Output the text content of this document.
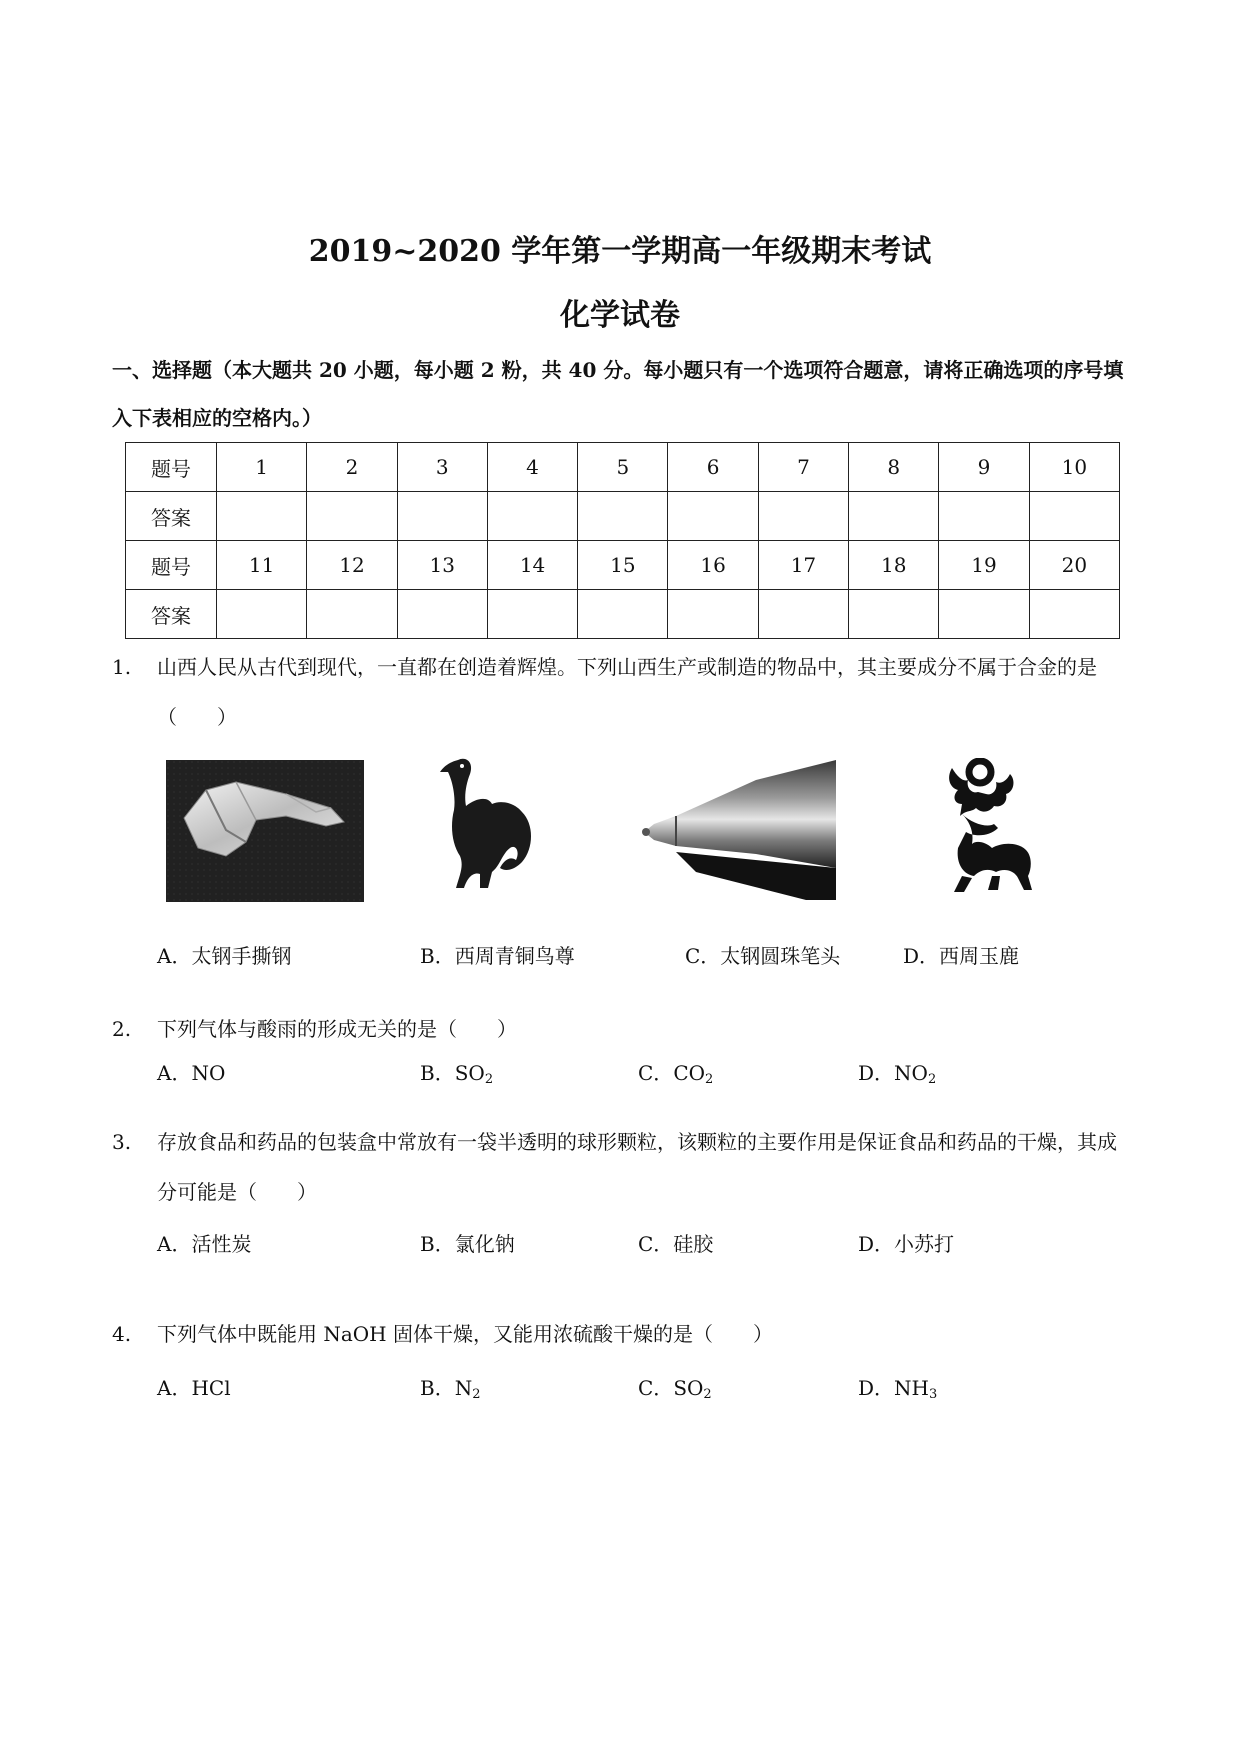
2019~2020 学年第一学期高一年级期末考试
化学试卷
一、选择题（本大题共 20 小题，每小题 2 粉，共 40 分。每小题只有一个选项符合题意，请将正确选项的序号填入下表相应的空格内。）
题号	1	2	3	4	5	6	7	8	9	10
答案										
题号	11	12	13	14	15	16	17	18	19	20
答案										
1. 山西人民从古代到现代，一直都在创造着辉煌。下列山西生产或制造的物品中，其主要成分不属于合金的是（　　）
A．太钢手撕钢	B．西周青铜鸟尊	C．太钢圆珠笔头	D．西周玉鹿
2. 下列气体与酸雨的形成无关的是（　　）
A．NO	B．$SO_2$	C．$CO_2$	D．$NO_2$
3. 存放食品和药品的包装盒中常放有一袋半透明的球形颗粒，该颗粒的主要作用是保证食品和药品的干燥，其成分可能是（　　）
A．活性炭	B．氯化钠	C．硅胶	D．小苏打
4. 下列气体中既能用 NaOH 固体干燥，又能用浓硫酸干燥的是（　　）
A．HCl	B．$N_2$	C．$SO_2$	D．$NH_3$
